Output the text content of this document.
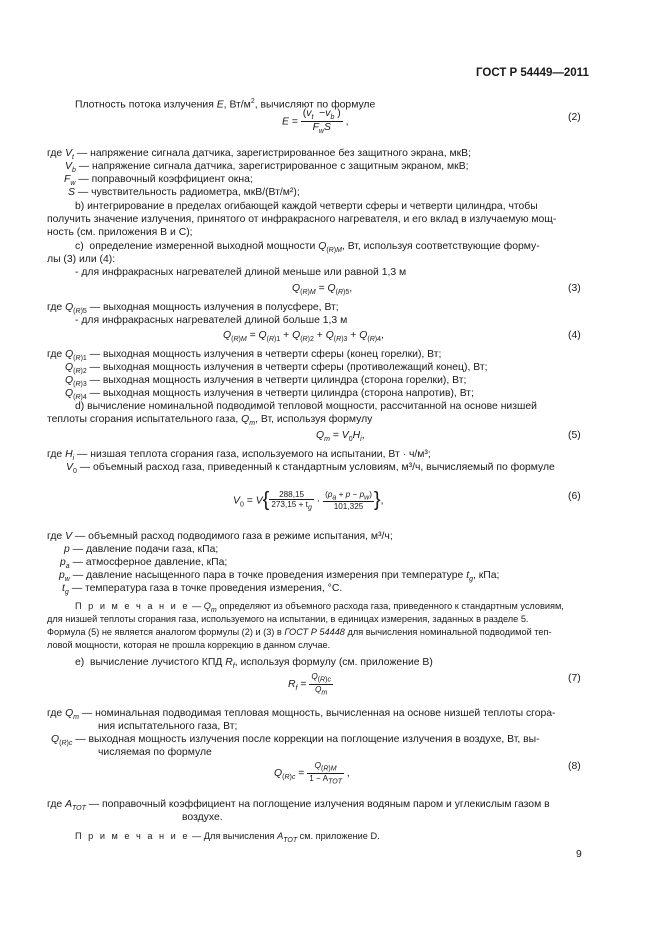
ГОСТ Р 54449—2011
Плотность потока излучения E, $Вт/м^2$, вычисляют по формуле
$E = \frac{(v_t -v_b )}{F_wS}$ ,	(2)
где $V_t$ — напряжение сигнала датчика, зарегистрированное без защитного экрана, мкВ;
$V_b$ — напряжение сигнала датчика, зарегистрированное с защитным экраном, мкВ;
$F_w$ — поправочный коэффициент окна;
S — чувствительность радиометра, мкВ/(Вт/м²);
b) интегрирование в пределах огибающей каждой четверти сферы и четверти цилиндра, чтобы
получить значение излучения, принятого от инфракрасного нагревателя, и его вклад в излучаемую мощ-
ность (см. приложения В и С);
c)  определение измеренной выходной мощности $Q_{(R)M}$, Вт, используя соответствующие форму-
лы (3) или (4):
- для инфракрасных нагревателей длиной меньше или равной 1,3 м
$Q_{(R)M} = Q_{(R)5}$,	(3)
где $Q_{(R)5}$ — выходная мощность излучения в полусфере, Вт;
- для инфракрасных нагревателей длиной больше 1,3 м
$Q_{(R)M} = Q_{(R)1} + Q_{(R)2} + Q_{(R)3} + Q_{(R)4}$,	(4)
где $Q_{(R)1}$ — выходная мощность излучения в четверти сферы (конец горелки), Вт;
$Q_{(R)2}$ — выходная мощность излучения в четверти сферы (противолежащий конец), Вт;
$Q_{(R)3}$ — выходная мощность излучения в четверти цилиндра (сторона горелки), Вт;
$Q_{(R)4}$ — выходная мощность излучения в четверти цилиндра (сторона напротив), Вт;
d) вычисление номинальной подводимой тепловой мощности, рассчитанной на основе низшей
теплоты сгорания испытательного газа, $Q_m$, Вт, используя формулу
$Q_m = V_0H_i$,	(5)
где $H_i$ — низшая теплота сгорания газа, используемого на испытании, Вт · ч/м³;
$V_0$ — объемный расход газа, приведенный к стандартным условиям, м³/ч, вычисляемый по формуле
$V_0 = V\{ \frac{288,15}{273,15 + t_g} \cdot \frac{(p_a + p - p_w)}{101,325}$ },	(6)
где V — объемный расход подводимого газа в режиме испытания, м³/ч;
p — давление подачи газа, кПа;
$p_a$ — атмосферное давление, кПа;
$p_w$ — давление насыщенного пара в точке проведения измерения при температуре $t_g$, кПа;
$t_g$ — температура газа в точке проведения измерения, °С.
П р и м е ч а н и е — $Q_m$ определяют из объемного расхода газа, приведенного к стандартным условиям,
для низшей теплоты сгорания газа, используемого на испытании, в единицах измерения, заданных в разделе 5.
Формула (5) не является аналогом формулы (2) и (3) в ГОСТ Р 54448 для вычисления номинальной подводимой теп-
ловой мощности, которая не прошла коррекцию в данном случае.
e)  вычисление лучистого КПД $R_f$, используя формулу (см. приложение В)
$R_f = \frac{Q_{(R)c}}{Q_m}$	(7)
где $Q_m$ — номинальная подводимая тепловая мощность, вычисленная на основе низшей теплоты сгора-
ния испытательного газа, Вт;
$Q_{(R)c}$ — выходная мощность излучения после коррекции на поглощение излучения в воздухе, Вт, вы-
числяемая по формуле
$Q_{(R)c} = \frac{Q_{(R)M}}{1 - A_{TOT}}$ ,
(8)
где $A_{TOT}$ — поправочный коэффициент на поглощение излучения водяным паром и углекислым газом в
воздухе.
П р и м е ч а н и е — Для вычисления $A_{TOT}$ см. приложение D.
9
